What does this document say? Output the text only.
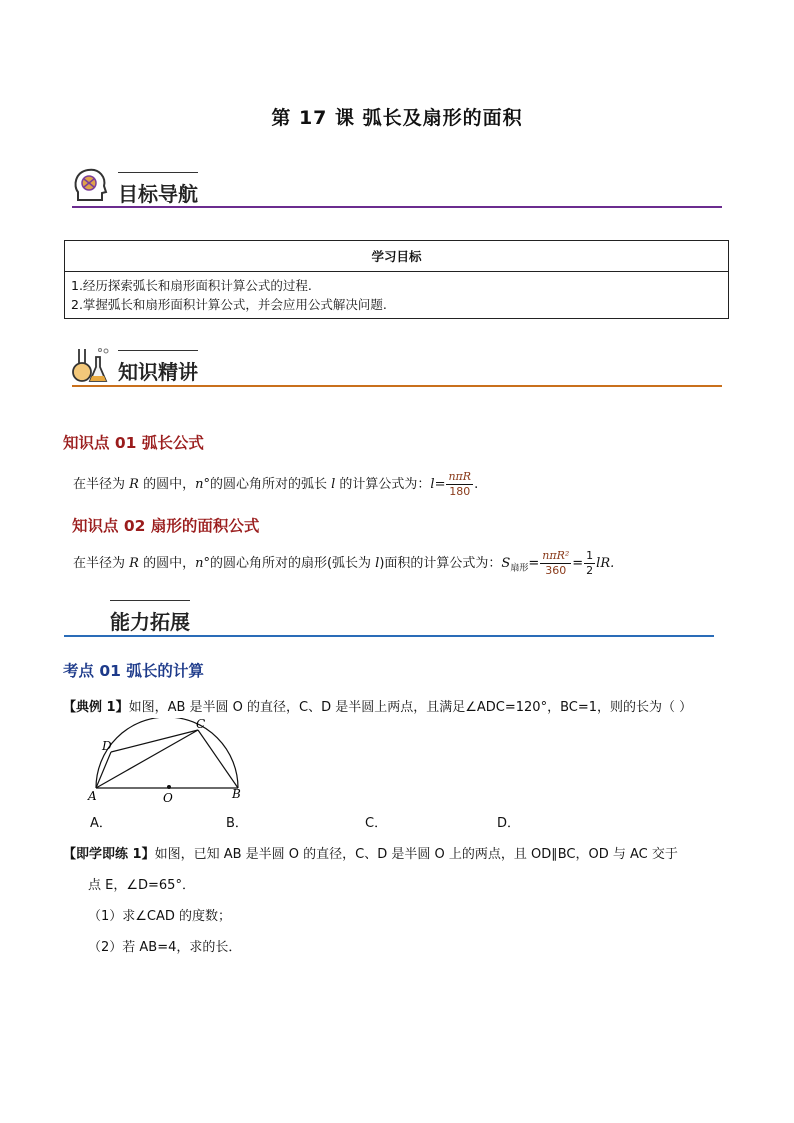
第 17 课 弧长及扇形的面积
目标导航
学习目标

1.经历探索弧长和扇形面积计算公式的过程.
2.掌握弧长和扇形面积计算公式，并会应用公式解决问题.
知识精讲
知识点 01 弧长公式
在半径为 R 的圆中，n°的圆心角所对的弧长 l 的计算公式为：$l= \frac{\text{nπR}}{180}$ .
知识点 02 扇形的面积公式
在半径为 R 的圆中，n°的圆心角所对的扇形(弧长为 l)面积的计算公式为：$S_{扇形}= \frac{\text{nπR²}}{360} = \frac{1}{2}$ lR.
能力拓展
考点 01 弧长的计算
【典例 1】如图，AB 是半圆 O 的直径，C、D 是半圆上两点，且满足∠ADC=120°，BC=1，则的长为（ ）
A	B
C
D
O
A．	B．	C．	D．
【即学即练 1】如图，已知 AB 是半圆 O 的直径，C、D 是半圆 O 上的两点，且 OD∥BC，OD 与 AC 交于
点 E，∠D=65°．
（1）求∠CAD 的度数；
（2）若 AB=4，求的长．
